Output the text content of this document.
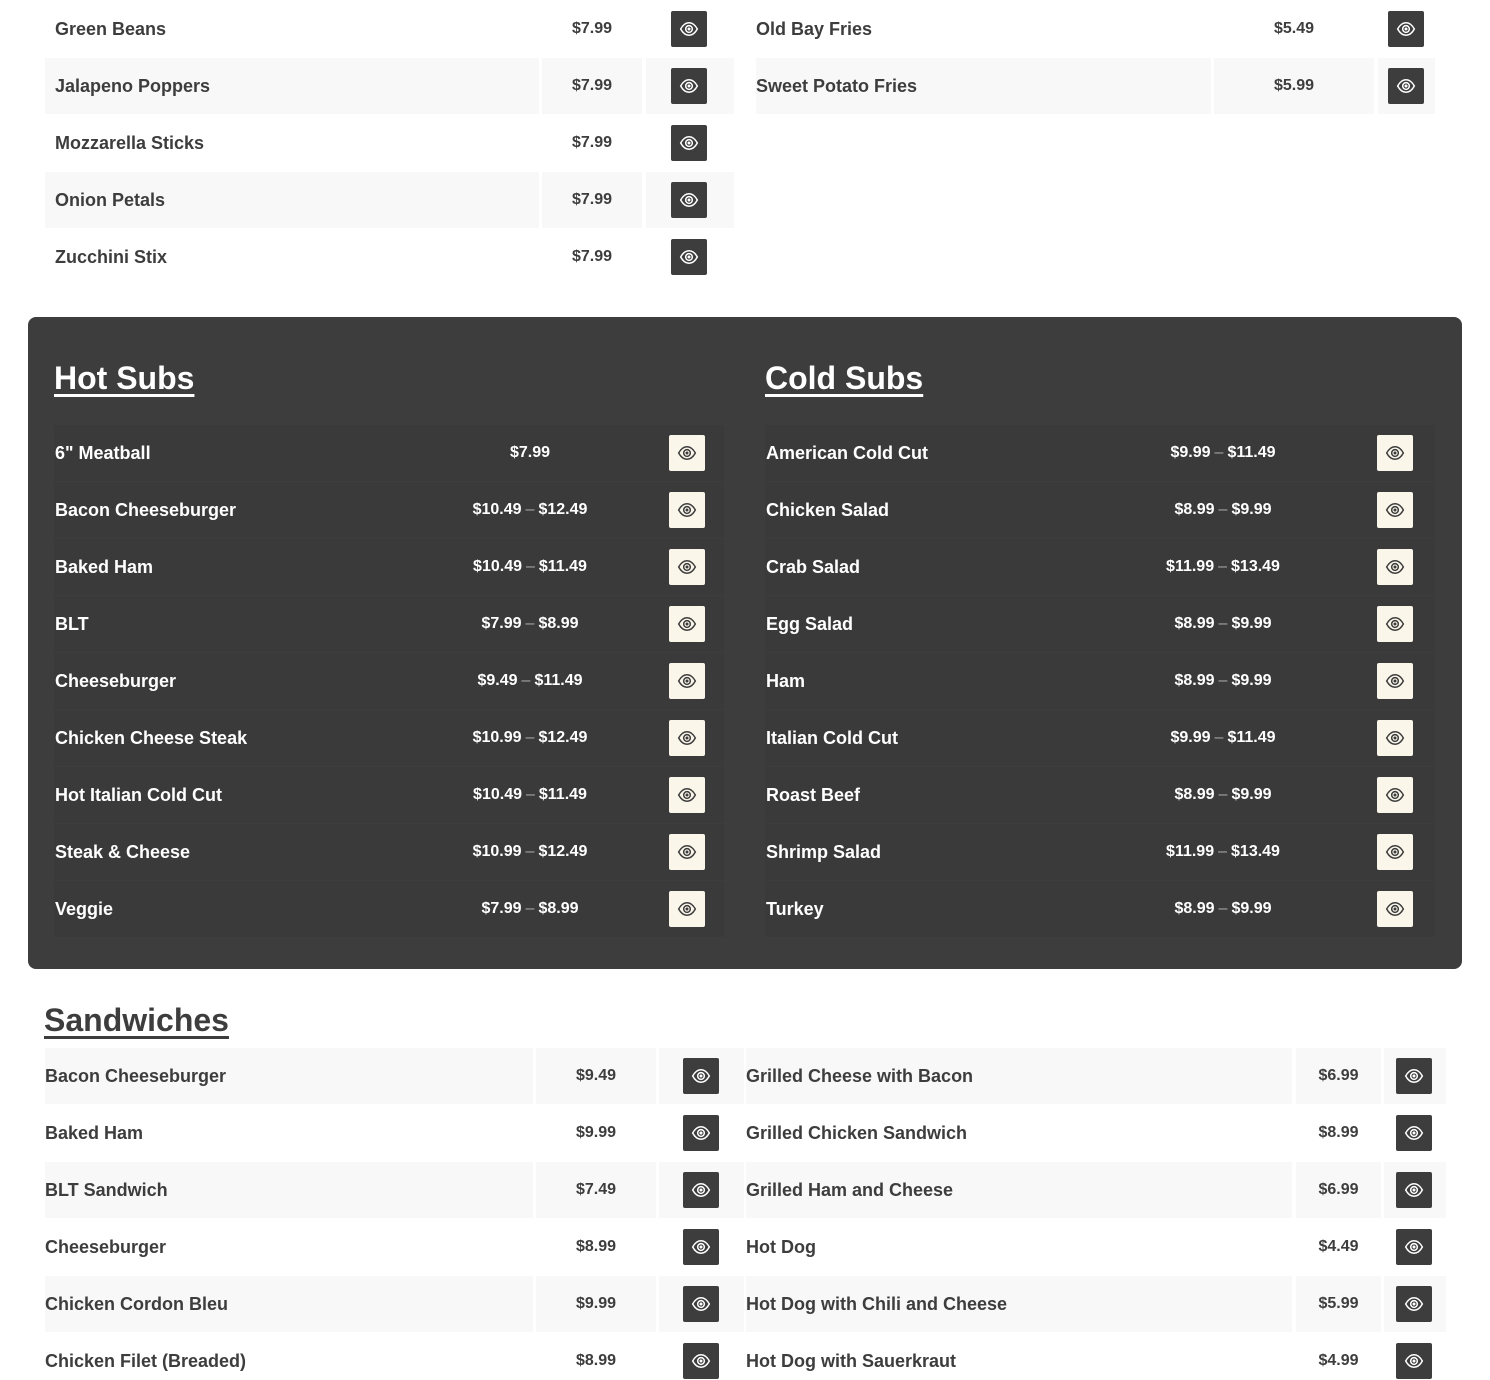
Green Beans	$7.99
Jalapeno Poppers	$7.99
Mozzarella Sticks	$7.99
Onion Petals	$7.99
Zucchini Stix	$7.99
Old Bay Fries	$5.49
Sweet Potato Fries	$5.99
Hot Subs	Cold Subs
6" Meatball	$7.99
Bacon Cheeseburger	$10.49 – $12.49
Baked Ham	$10.49 – $11.49
BLT	$7.99 – $8.99
Cheeseburger	$9.49 – $11.49
Chicken Cheese Steak	$10.99 – $12.49
Hot Italian Cold Cut	$10.49 – $11.49
Steak & Cheese	$10.99 – $12.49
Veggie	$7.99 – $8.99
American Cold Cut	$9.99 – $11.49
Chicken Salad	$8.99 – $9.99
Crab Salad	$11.99 – $13.49
Egg Salad	$8.99 – $9.99
Ham	$8.99 – $9.99
Italian Cold Cut	$9.99 – $11.49
Roast Beef	$8.99 – $9.99
Shrimp Salad	$11.99 – $13.49
Turkey	$8.99 – $9.99
Sandwiches
Bacon Cheeseburger	$9.49
Baked Ham	$9.99
BLT Sandwich	$7.49
Cheeseburger	$8.99
Chicken Cordon Bleu	$9.99
Chicken Filet (Breaded)	$8.99
Grilled Cheese with Bacon	$6.99
Grilled Chicken Sandwich	$8.99
Grilled Ham and Cheese	$6.99
Hot Dog	$4.49
Hot Dog with Chili and Cheese	$5.99
Hot Dog with Sauerkraut	$4.99
